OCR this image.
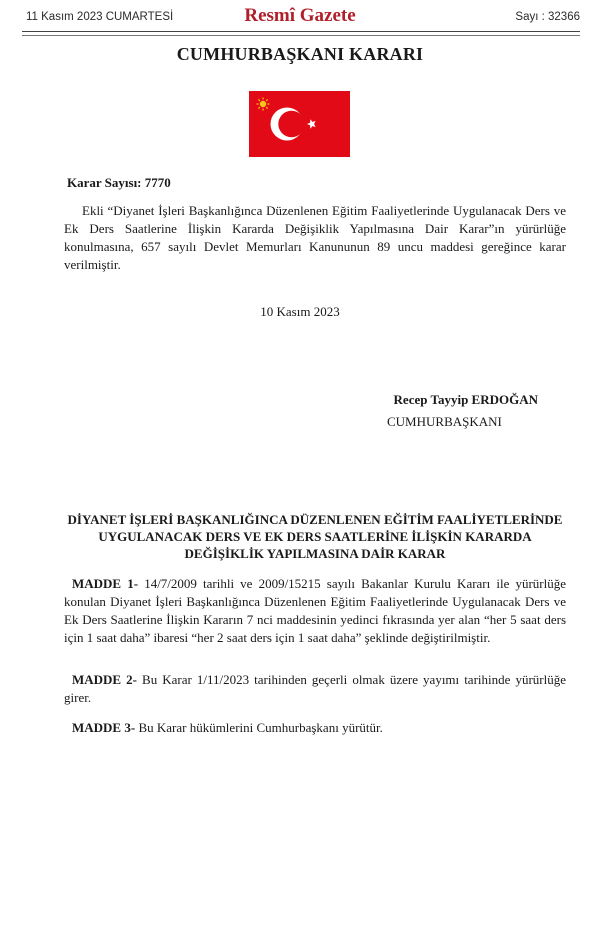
11 Kasım 2023 CUMARTESİ	Resmî Gazete	Sayı : 32366
CUMHURBAŞKANI KARARI
Karar Sayısı: 7770

Ekli “Diyanet İşleri Başkanlığınca Düzenlenen Eğitim Faaliyetlerinde Uygulanacak Ders ve Ek Ders Saatlerine İlişkin Kararda Değişiklik Yapılmasına Dair Karar”ın yürürlüğe konulmasına, 657 sayılı Devlet Memurları Kanununun 89 uncu maddesi gereğince karar verilmiştir.

10 Kasım 2023
Recep Tayyip ERDOĞAN
CUMHURBAŞKANI

DİYANET İŞLERİ BAŞKANLIĞINCA DÜZENLENEN EĞİTİM FAALİYETLERİNDE UYGULANACAK DERS VE EK DERS SAATLERİNE İLİŞKİN KARARDA DEĞİŞİKLİK YAPILMASINA DAİR KARAR

MADDE 1- 14/7/2009 tarihli ve 2009/15215 sayılı Bakanlar Kurulu Kararı ile yürürlüğe konulan Diyanet İşleri Başkanlığınca Düzenlenen Eğitim Faaliyetlerinde Uygulanacak Ders ve Ek Ders Saatlerine İlişkin Kararın 7 nci maddesinin yedinci fıkrasında yer alan “her 5 saat ders için 1 saat daha” ibaresi “her 2 saat ders için 1 saat daha” şeklinde değiştirilmiştir.

MADDE 2- Bu Karar 1/11/2023 tarihinden geçerli olmak üzere yayımı tarihinde yürürlüğe girer.

MADDE 3- Bu Karar hükümlerini Cumhurbaşkanı yürütür.
